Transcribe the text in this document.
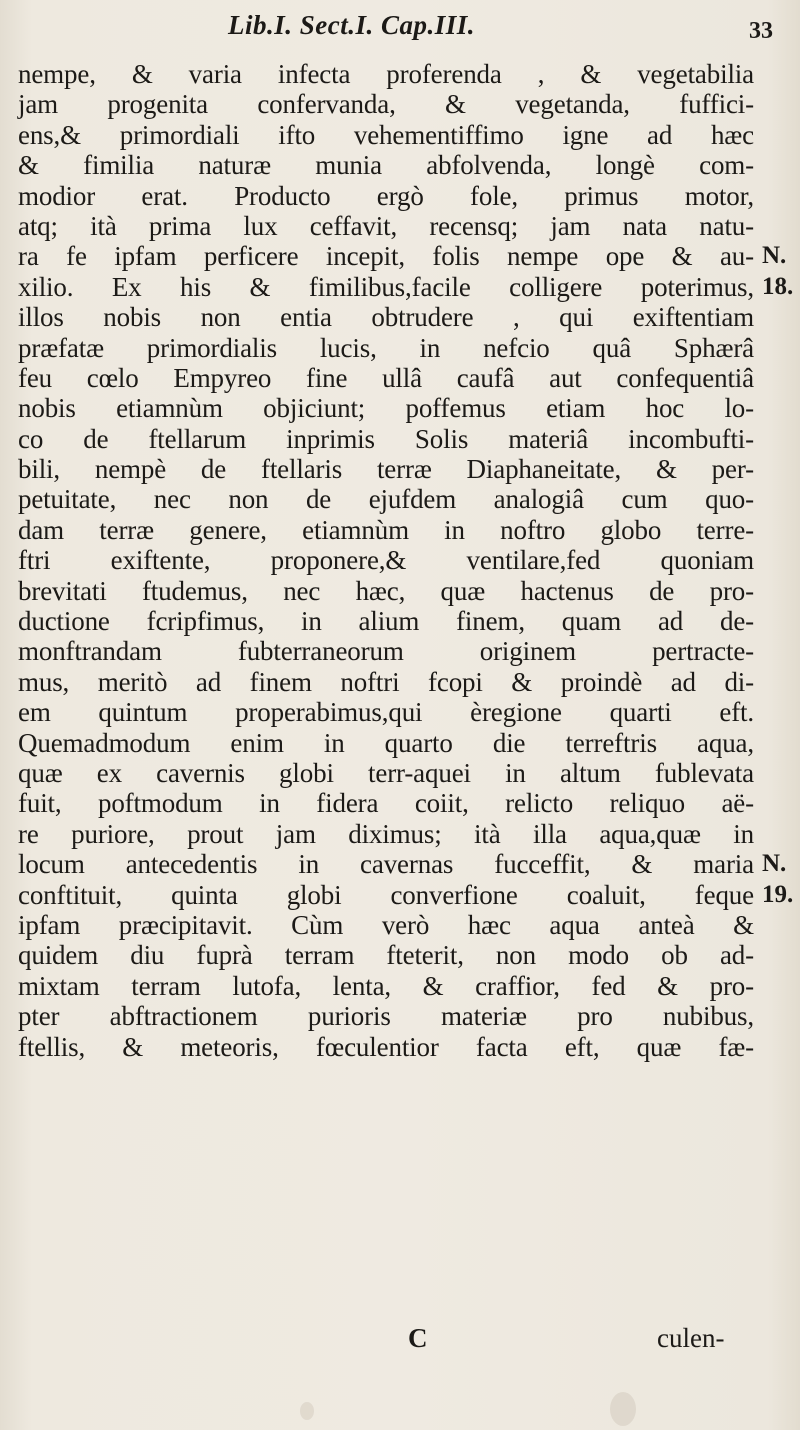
Lib.I. Sect.I. Cap.III.	33
nempe, & varia infecta proferenda , & vegetabilia
jam progenita confervanda, & vegetanda, fuffici-
ens,& primordiali ifto vehementiffimo igne ad hæc
& fimilia naturæ munia abfolvenda, longè com-
modior erat. Producto ergò fole, primus motor,
atq; ità prima lux ceffavit, recensq; jam nata natu-
ra fe ipfam perficere incepit, folis nempe ope & au- N.
xilio. Ex his & fimilibus,facile colligere poterimus, 18.
illos nobis non entia obtrudere , qui exiftentiam
præfatæ primordialis lucis, in nefcio quâ Sphærâ
feu cœlo Empyreo fine ullâ caufâ aut confequentiâ
nobis etiamnùm objiciunt; poffemus etiam hoc lo-
co de ftellarum inprimis Solis materiâ incombufti-
bili, nempè de ftellaris terræ Diaphaneitate, & per-
petuitate, nec non de ejufdem analogiâ cum quo-
dam terræ genere, etiamnùm in noftro globo terre-
ftri exiftente, proponere,& ventilare,fed quoniam
brevitati ftudemus, nec hæc, quæ hactenus de pro-
ductione fcripfimus, in alium finem, quam ad de-
monftrandam fubterraneorum originem pertracte-
mus, meritò ad finem noftri fcopi & proindè ad di-
em quintum properabimus,qui èregione quarti eft.
Quemadmodum enim in quarto die terreftris aqua,
quæ ex cavernis globi terr-aquei in altum fublevata
fuit, poftmodum in fidera coiit, relicto reliquo aë-
re puriore, prout jam diximus; ità illa aqua,quæ in
locum antecedentis in cavernas fucceffit, & maria N.
conftituit, quinta globi converfione coaluit, feque 19.
ipfam præcipitavit. Cùm verò hæc aqua anteà &
quidem diu fuprà terram fteterit, non modo ob ad-
mixtam terram lutofa, lenta, & craffior, fed & pro-
pter abftractionem purioris materiæ pro nubibus,
ftellis, & meteoris, fœculentior facta eft, quæ fæ-
C	culen-
